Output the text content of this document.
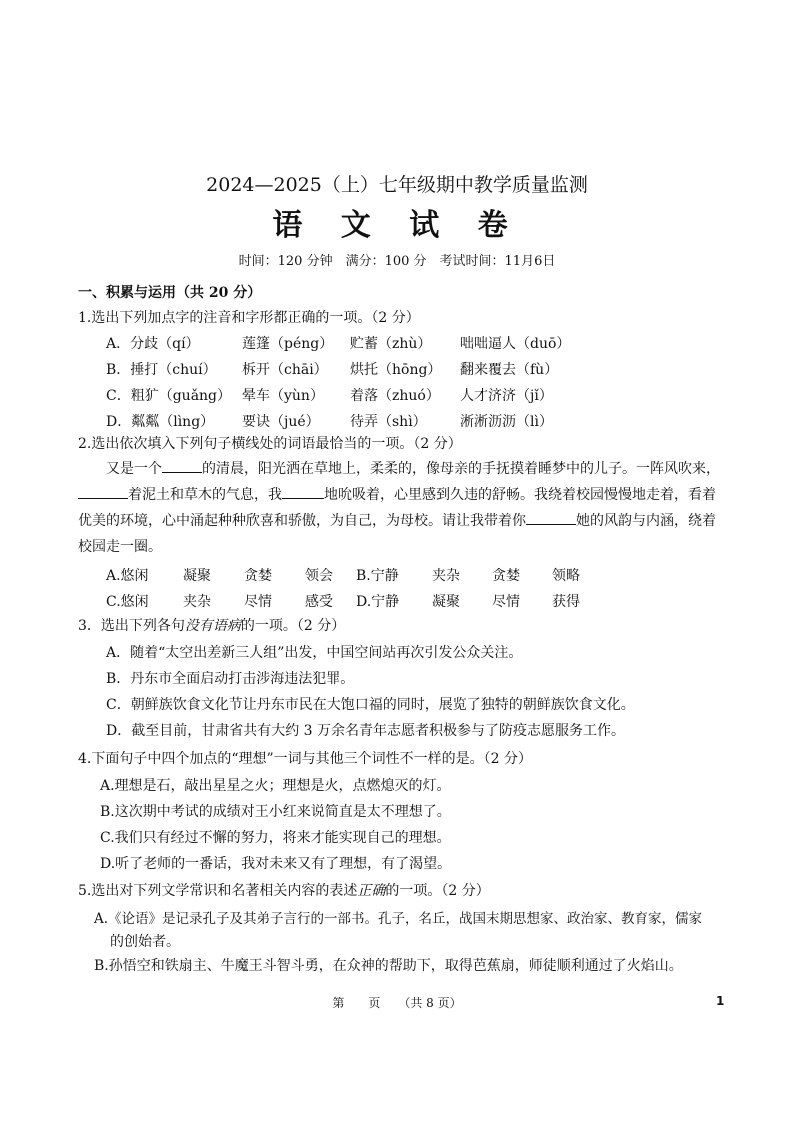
2024—2025（上）七年级期中教学质量监测
语 文 试 卷
时间：120 分钟　满分：100 分　考试时间：11月6日
一、积累与运用（共 20 分）
1.选出下列加点字的注音和字形都正确的一项。（2 分）
A．分歧（qí）	莲篷（péng） 贮蓄（zhù） 咄咄逼人（duō）
B．捶打（chuí） 柝开（chāi） 烘托（hōng） 翻来覆去（fù）
C．粗犷（guǎng） 晕车（yùn） 着落（zhuó） 人才济济（jǐ）
D．粼粼（lìng） 要诀（jué） 待弄（shì） 淅淅沥沥（lì）
2.选出依次填入下列句子横线处的词语最恰当的一项。（2 分）
又是一个	的清晨，阳光洒在草地上，柔柔的，像母亲的手抚摸着睡梦中的儿子。一阵风吹来，
着泥土和草木的气息，我	地吮吸着，心里感到久违的舒畅。我绕着校园慢慢地走着，看着
优美的环境，心中涌起种种欣喜和骄傲，为自己，为母校。请让我带着你	她的风韵与内涵，绕着
校园走一圈。
A.悠闲 凝聚 贪婪 领会 B.宁静 夹杂 贪婪 领略
C.悠闲 夹杂 尽情 感受 D.宁静 凝聚 尽情 获得
3．选出下列各句没有语病的一项。（2 分）
A．随着“太空出差新三人组”出发，中国空间站再次引发公众关注。
B．丹东市全面启动打击涉海违法犯罪。
C．朝鲜族饮食文化节让丹东市民在大饱口福的同时，展览了独特的朝鲜族饮食文化。
D．截至目前，甘肃省共有大约 3 万余名青年志愿者积极参与了防疫志愿服务工作。
4.下面句子中四个加点的“理想”一词与其他三个词性不一样的是。（2 分）
A.理想是石，敲出星星之火；理想是火，点燃熄灭的灯。
B.这次期中考试的成绩对王小红来说简直是太不理想了。
C.我们只有经过不懈的努力，将来才能实现自己的理想。
D.听了老师的一番话，我对未来又有了理想，有了渴望。
5.选出对下列文学常识和名著相关内容的表述正确的一项。（2 分）
A.《论语》是记录孔子及其弟子言行的一部书。孔子，名丘，战国末期思想家、政治家、教育家，儒家
的创始者。
B.孙悟空和铁扇主、牛魔王斗智斗勇，在众神的帮助下，取得芭蕉扇，师徒顺利通过了火焰山。
第　　页　　（共 8 页）	1
